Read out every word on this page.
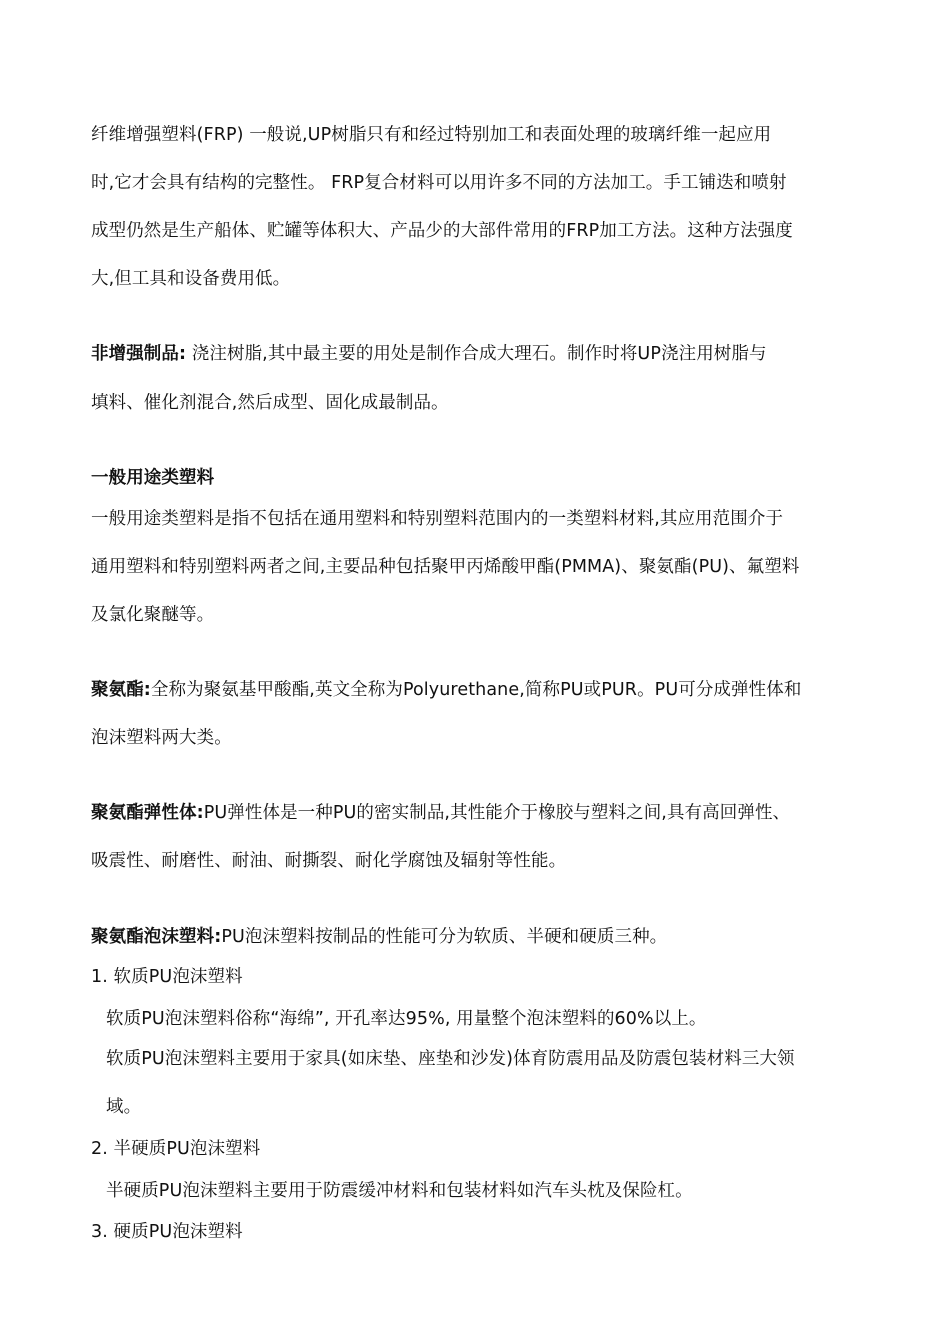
纤维增强塑料(FRP) 一般说,UP树脂只有和经过特别加工和表面处理的玻璃纤维一起应用
时,它才会具有结构的完整性。 FRP复合材料可以用许多不同的方法加工。手工铺迭和喷射
成型仍然是生产船体、贮罐等体积大、产品少的大部件常用的FRP加工方法。这种方法强度
大,但工具和设备费用低。
非增强制品: 浇注树脂,其中最主要的用处是制作合成大理石。制作时将UP浇注用树脂与
填料、催化剂混合,然后成型、固化成最制品。
一般用途类塑料
一般用途类塑料是指不包括在通用塑料和特别塑料范围内的一类塑料材料,其应用范围介于
通用塑料和特别塑料两者之间,主要品种包括聚甲丙烯酸甲酯(PMMA)、聚氨酯(PU)、氟塑料
及氯化聚醚等。
聚氨酯:全称为聚氨基甲酸酯,英文全称为Polyurethane,简称PU或PUR。PU可分成弹性体和
泡沫塑料两大类。
聚氨酯弹性体:PU弹性体是一种PU的密实制品,其性能介于橡胶与塑料之间,具有高回弹性、
吸震性、耐磨性、耐油、耐撕裂、耐化学腐蚀及辐射等性能。
聚氨酯泡沫塑料:PU泡沫塑料按制品的性能可分为软质、半硬和硬质三种。
1. 软质PU泡沫塑料
软质PU泡沫塑料俗称“海绵”, 开孔率达95%, 用量整个泡沫塑料的60%以上。
软质PU泡沫塑料主要用于家具(如床垫、座垫和沙发)体育防震用品及防震包装材料三大领
域。
2. 半硬质PU泡沫塑料
半硬质PU泡沫塑料主要用于防震缓冲材料和包装材料如汽车头枕及保险杠。
3. 硬质PU泡沫塑料
